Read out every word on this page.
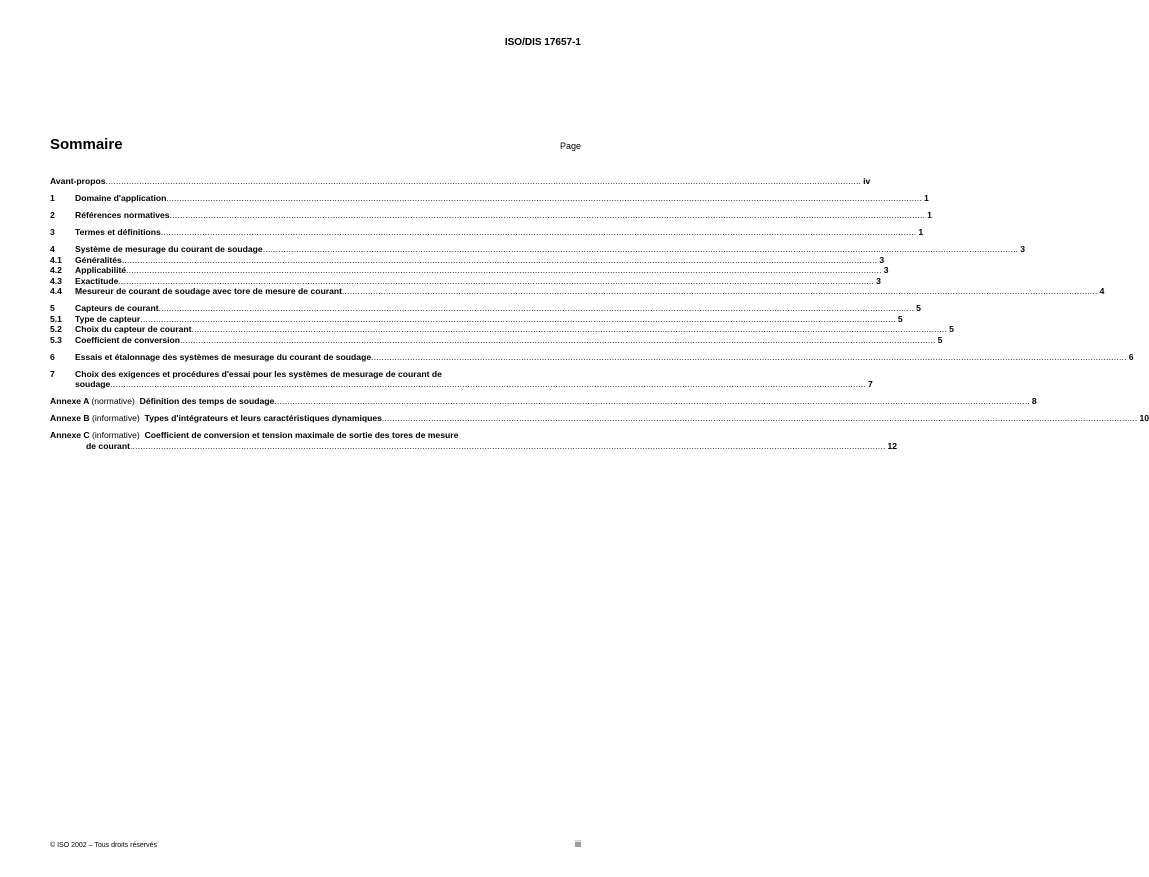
ISO/DIS 17657-1
Sommaire	Page
Avant-propos .....	iv
1	Domaine d'application .....	1
2	Références normatives .....	1
3	Termes et définitions .....	1
4	Système de mesurage du courant de soudage .....	3
4.1	Généralités .....	3
4.2	Applicabilité .....	3
4.3	Exactitude .....	3
4.4	Mesureur de courant de soudage avec tore de mesure de courant .....	4
5	Capteurs de courant .....	5
5.1	Type de capteur .....	5
5.2	Choix du capteur de courant .....	5
5.3	Coefficient de conversion .....	5
6	Essais et étalonnage des systèmes de mesurage du courant de soudage .....	6
7 Choix des exigences et procédures d'essai pour les systèmes de mesurage de courant de
soudage .....	7
Annexe A (normative) Définition des temps de soudage .....	8
Annexe B (informative) Types d'intégrateurs et leurs caractéristiques dynamiques .....	10
Annexe C (informative) Coefficient de conversion et tension maximale de sortie des tores de mesure
de courant .....	12
© ISO 2002 – Tous droits réservés	iii
